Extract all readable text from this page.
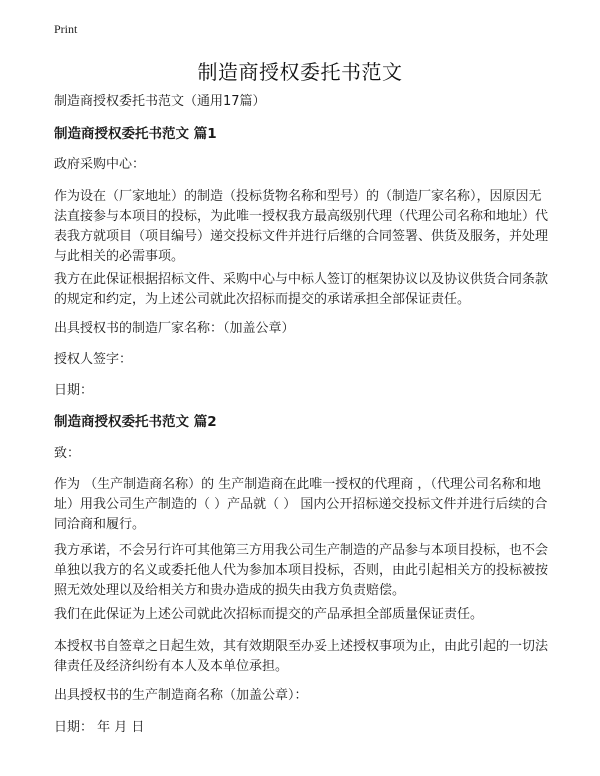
Print
制造商授权委托书范文
制造商授权委托书范文（通用17篇）
制造商授权委托书范文 篇1
政府采购中心：
作为设在（厂家地址）的制造（投标货物名称和型号）的（制造厂家名称），因原因无法直接参与本项目的投标，为此唯一授权我方最高级别代理（代理公司名称和地址）代表我方就项目（项目编号）递交投标文件并进行后继的合同签署、供货及服务，并处理与此相关的必需事项。
我方在此保证根据招标文件、采购中心与中标人签订的框架协议以及协议供货合同条款的规定和约定，为上述公司就此次招标而提交的承诺承担全部保证责任。
出具授权书的制造厂家名称：（加盖公章）
授权人签字：
日期：
制造商授权委托书范文 篇2
致：
作为 （生产制造商名称）的 生产制造商在此唯一授权的代理商 ，（代理公司名称和地址）用我公司生产制造的（ ）产品就（ ） 国内公开招标递交投标文件并进行后续的合同洽商和履行。
我方承诺，不会另行许可其他第三方用我公司生产制造的产品参与本项目投标，也不会单独以我方的名义或委托他人代为参加本项目投标，否则，由此引起相关方的投标被按照无效处理以及给相关方和贵办造成的损失由我方负责赔偿。
我们在此保证为上述公司就此次招标而提交的产品承担全部质量保证责任。
本授权书自签章之日起生效，其有效期限至办妥上述授权事项为止，由此引起的一切法律责任及经济纠纷有本人及本单位承担。
出具授权书的生产制造商名称（加盖公章）：
日期： 年 月 日
